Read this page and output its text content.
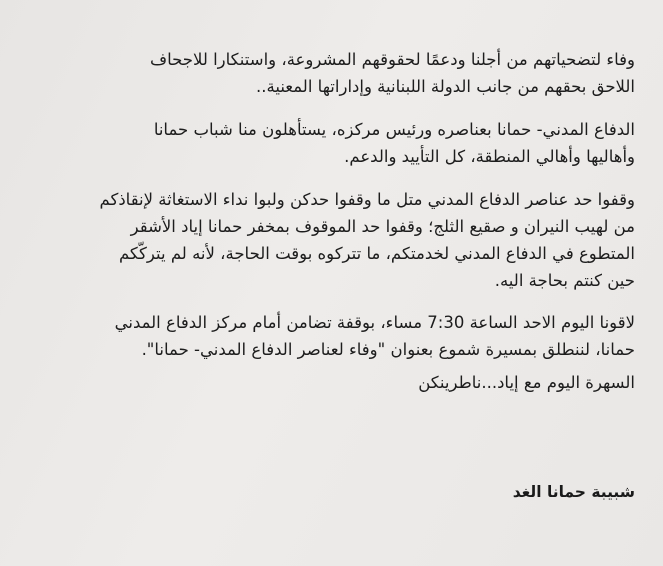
وفاء لتضحياتهم من أجلنا ودعمًا لحقوقهم المشروعة، واستنكارا للاجحاف
اللاحق بحقهم من جانب الدولة اللبنانية وإداراتها المعنية..

الدفاع المدني- حمانا بعناصره ورئيس مركزه، يستأهلون منا شباب حمانا
وأهاليها وأهالي المنطقة، كل التأييد والدعم.

وقفوا حد عناصر الدفاع المدني متل ما وقفوا حدكن ولبوا نداء الاستغاثة لإنقاذكم
من لهيب النيران و صقيع الثلج؛ وقفوا حد الموقوف بمخفر حمانا إياد الأشقر
المتطوع في الدفاع المدني لخدمتكم، ما تتركوه بوقت الحاجة، لأنه لم يتركّكم
حين كنتم بحاجة اليه.

لاقونا اليوم الاحد الساعة 7:30 مساء، بوقفة تضامن أمام مركز الدفاع المدني
حمانا، لننطلق بمسيرة شموع بعنوان "وفاء لعناصر الدفاع المدني- حمانا".

السهرة اليوم مع إياد...ناطرينكن

شبيبة حمانا الغد
